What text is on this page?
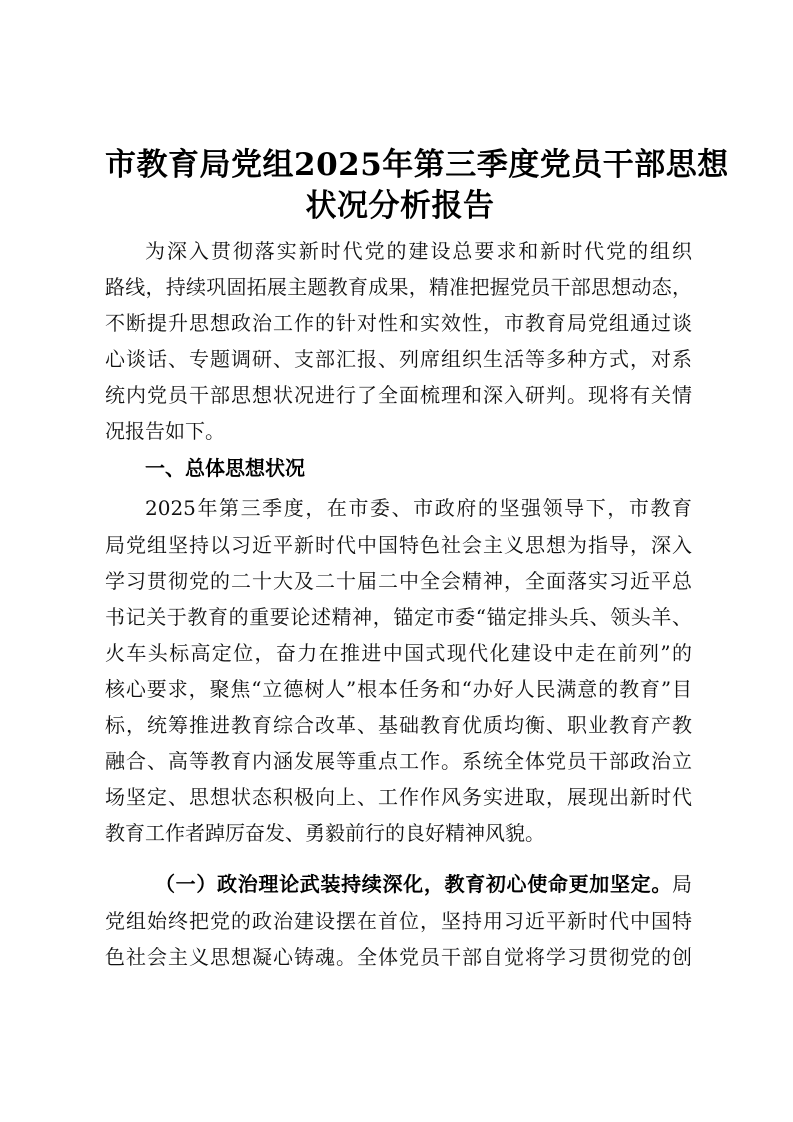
市教育局党组2025年第三季度党员干部思想
状况分析报告
为深入贯彻落实新时代党的建设总要求和新时代党的组织
路线，持续巩固拓展主题教育成果，精准把握党员干部思想动态，
不断提升思想政治工作的针对性和实效性，市教育局党组通过谈
心谈话、专题调研、支部汇报、列席组织生活等多种方式，对系
统内党员干部思想状况进行了全面梳理和深入研判。现将有关情
况报告如下。
一、总体思想状况
2025年第三季度，在市委、市政府的坚强领导下，市教育
局党组坚持以习近平新时代中国特色社会主义思想为指导，深入
学习贯彻党的二十大及二十届二中全会精神，全面落实习近平总
书记关于教育的重要论述精神，锚定市委“锚定排头兵、领头羊、
火车头标高定位，奋力在推进中国式现代化建设中走在前列”的
核心要求，聚焦“立德树人”根本任务和“办好人民满意的教育”目
标，统筹推进教育综合改革、基础教育优质均衡、职业教育产教
融合、高等教育内涵发展等重点工作。系统全体党员干部政治立
场坚定、思想状态积极向上、工作作风务实进取，展现出新时代
教育工作者踔厉奋发、勇毅前行的良好精神风貌。
（一）政治理论武装持续深化，教育初心使命更加坚定。局
党组始终把党的政治建设摆在首位，坚持用习近平新时代中国特
色社会主义思想凝心铸魂。全体党员干部自觉将学习贯彻党的创
